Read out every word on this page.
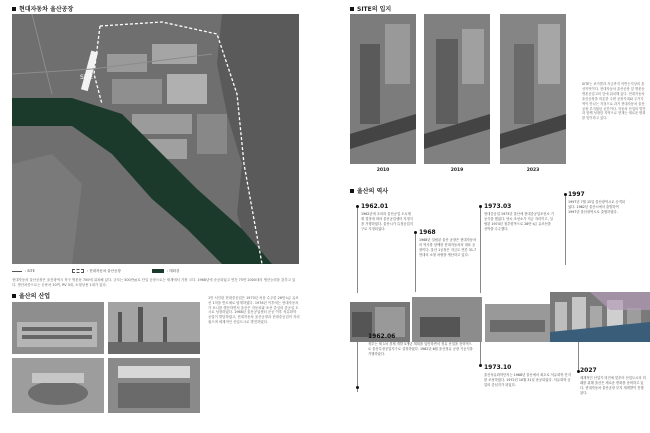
현대자동차 울산공장
SITE
: SITE	: 현대자동차 울산공장	: 태화강
현대자동차 울산공장은 울산광역시 북구 명촌동 700에 위치해 있다. 규모는 500만㎡로 단일 공장으로는 세계에서 가장 크다. 1968년에 준공되었고 연간 75만 2000대의 생산능력을 갖추고 있다. 생산차종으로는 승용차 10여, RV 3대, 소형상용 1대가 있다.
울산의 산업	1만 서인된 현대중공업은 1973년 처음 수주한 26만 t급 유조선 1척을 반도체로 탑재하였다. 1976년 이후에는 현대자동차가 포니를 생산하면서 울산은 자동차와 조선 중심의 중공업 도시로 성장하였다. 1968년 울산공업센터 준공 이후 석유화학 공업이 발달하였고, 현대자동차 울산공장과 현대중공업이 자리잡으며 세계적인 산업도시로 발전하였다.
SITE의 입지
2010	2019	2023
SITE는 코카콜라 지금까지 이반는지상의 울산지역이다. 현대자동차 울산공장 앞 명촌동 명촌공업고의 앞에 위치해 있다. 현대자동차 울산공장을 비롯한 주변 공장지대와 주거지역이 만나는 지점으로 과거 현대자동차 울산공장 부지였던 공간이다. 자동차 산업의 발전과 함께 성장한 지역으로 현재는 새로운 변화를 맞이하고 있다.
울산의 역사
1962.01
1962년에 초의의 울산공업 도시계획 결정에 따라 울산공업센터 지정식을 거행하였다. 울산시가 특정공업지구로 지정되었다.
1968
1968년 설립된 울산 공장은 현대자동차의 역사를 함께한 현대자동차의 대표 공장이다. 울산 1공장은 지금도 연간 31.7만대의 소형 차량을 생산하고 있다.
1973.03
현대중공업 1973년 울산에 현대중공업조선소 기공식을 했었다. 당시 조선소가 지금 자리이고, 설립된 1974년 첨부항목으로 26만 t급 유조선을 선박을 수주했다.
1997
1997년 7월 15일 울산광역시로 승격되었다. 1962년 울산시에서 출발하여 1997년 울산광역시로 출범하였다.
1962.06
정부는 제 1차 경제 개발 5개년 계획을 입안하면서 정유 산업을 전략적으로 울산특정공업지구로 설정하였다. 1962년 6월 울산정유 공장 기공식을 거행하였다.
1973.10
울산석유화학단지는 1968년 울산에서 최초로 석유화학 단지를 조성하였다. 1972년 10월 31일 준공되었다. 석유화학 공업의 중심지가 되었다.
2027
세계적인 산업기 비전에 맞추어 산업도시의 미래를 위해 울산은 새로운 변화를 준비하고 있다. 현대자동차 울산공장 부지 재개발이 진행된다.
